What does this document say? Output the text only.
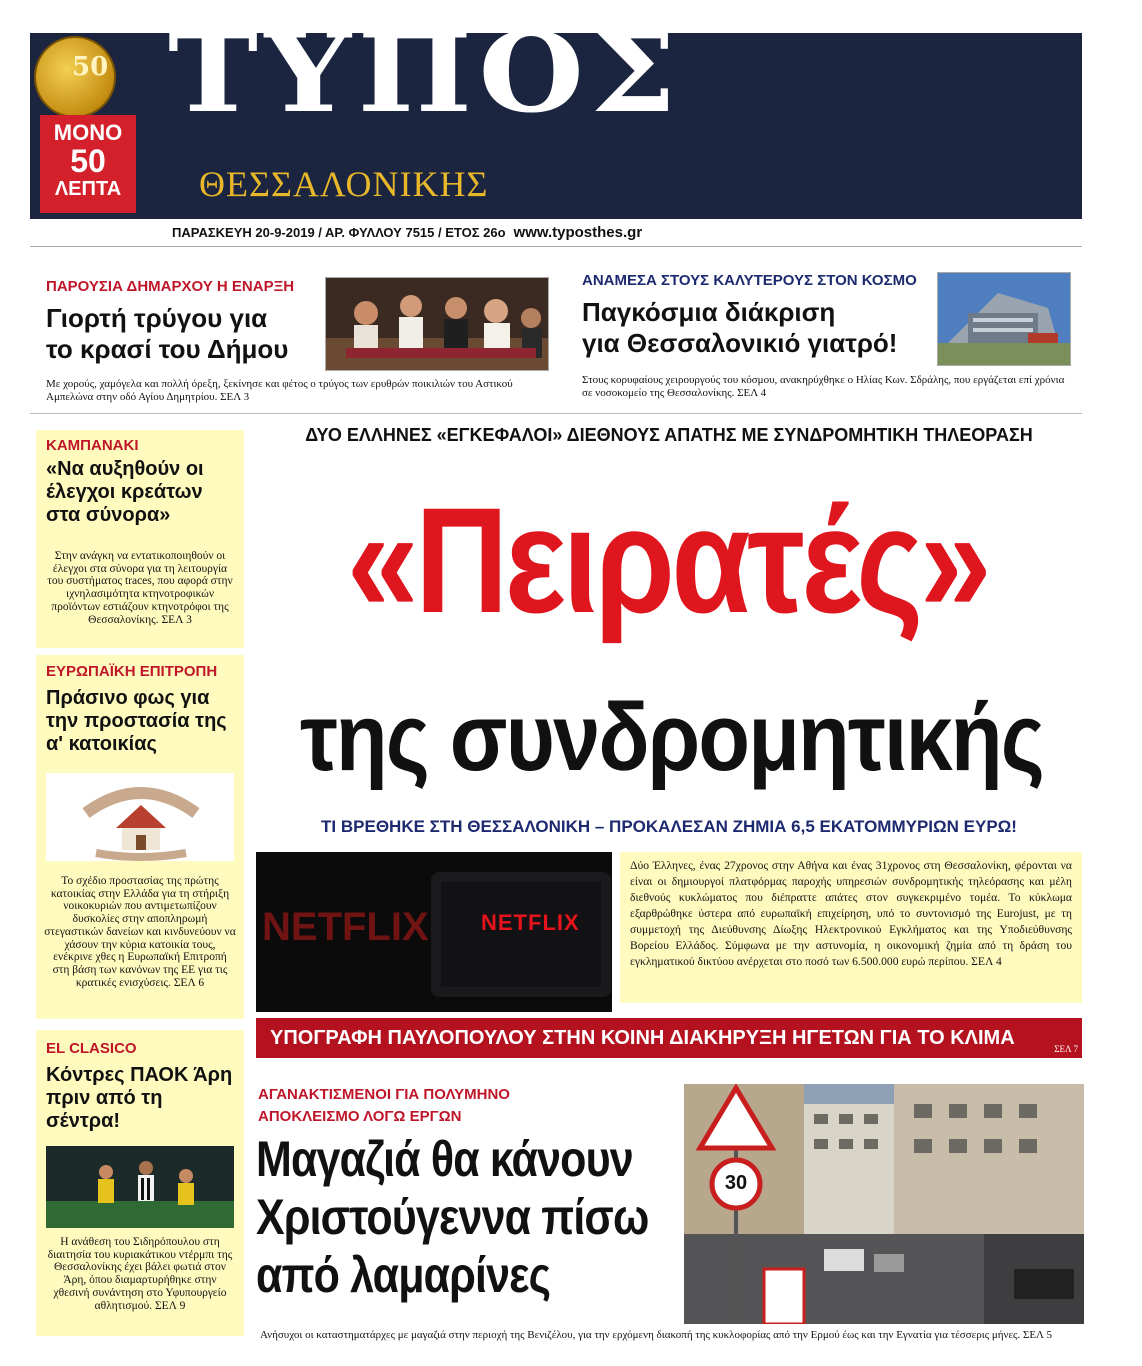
ΤΥΠΟΣ
ΘΕΣΣΑΛΟΝΙΚΗΣ
50
ΜΟΝΟ
50
ΛΕΠΤΑ
ΠΑΡΑΣΚΕΥΗ 20-9-2019 / ΑΡ. ΦΥΛΛΟΥ 7515 / ΕΤΟΣ 26ο www.typosthes.gr
ΠΑΡΟΥΣΙΑ ΔΗΜΑΡΧΟΥ Η ΕΝΑΡΞΗ
Γιορτή τρύγου για
το κρασί του Δήμου
Με χορούς, χαμόγελα και πολλή όρεξη, ξεκίνησε και φέτος ο τρύγος των ερυθρών ποικιλιών του Αστικού Αμπελώνα στην οδό Αγίου Δημητρίου. ΣΕΛ 3
ΑΝΑΜΕΣΑ ΣΤΟΥΣ ΚΑΛΥΤΕΡΟΥΣ ΣΤΟΝ ΚΟΣΜΟ
Παγκόσμια διάκριση
για Θεσσαλονικιό γιατρό!
Στους κορυφαίους χειρουργούς του κόσμου, ανακηρύχθηκε ο Ηλίας Κων. Σδράλης, που εργάζεται επί χρόνια σε νοσοκομείο της Θεσσαλονίκης. ΣΕΛ 4
ΚΑΜΠΑΝΑΚΙ
«Να αυξηθούν οι έλεγχοι κρεάτων στα σύνορα»
Στην ανάγκη να εντατικοποιηθούν οι έλεγχοι στα σύνορα για τη λειτουργία του συστήματος traces, που αφορά στην ιχνηλασιμότητα κτηνοτροφικών προϊόντων εστιάζουν κτηνοτρόφοι της Θεσσαλονίκης. ΣΕΛ 3
ΕΥΡΩΠΑΪΚΗ ΕΠΙΤΡΟΠΗ
Πράσινο φως για την προστασία της α' κατοικίας
Το σχέδιο προστασίας της πρώτης κατοικίας στην Ελλάδα για τη στήριξη νοικοκυριών που αντιμετωπίζουν δυσκολίες στην αποπληρωμή στεγαστικών δανείων και κινδυνεύουν να χάσουν την κύρια κατοικία τους, ενέκρινε χθες η Ευρωπαϊκή Επιτροπή στη βάση των κανόνων της ΕΕ για τις κρατικές ενισχύσεις. ΣΕΛ 6
EL CLASICO
Κόντρες ΠΑΟΚ Άρη πριν από τη σέντρα!
Η ανάθεση του Σιδηρόπουλου στη διαιτησία του κυριακάτικου ντέρμπι της Θεσσαλονίκης έχει βάλει φωτιά στον Άρη, όπου διαμαρτυρήθηκε στην χθεσινή συνάντηση στο Υφυπουργείο αθλητισμού. ΣΕΛ 9
ΔΥΟ ΕΛΛΗΝΕΣ «ΕΓΚΕΦΑΛΟΙ» ΔΙΕΘΝΟΥΣ ΑΠΑΤΗΣ ΜΕ ΣΥΝΔΡΟΜΗΤΙΚΗ ΤΗΛΕΟΡΑΣΗ
«Πειρατές»
της συνδρομητικής
ΤΙ ΒΡΕΘΗΚΕ ΣΤΗ ΘΕΣΣΑΛΟΝΙΚΗ – ΠΡΟΚΑΛΕΣΑΝ ΖΗΜΙΑ 6,5 ΕΚΑΤΟΜΜΥΡΙΩΝ ΕΥΡΩ!
NETFLIX NETFLIX

Δύο Έλληνες, ένας 27χρονος στην Αθήνα και ένας 31χρονος στη Θεσσαλονίκη, φέρονται να είναι οι δημιουργοί πλατφόρμας παροχής υπηρεσιών συνδρομητικής τηλεόρασης και μέλη διεθνούς κυκλώματος που διέπραττε απάτες στον συγκεκριμένο τομέα. Το κύκλωμα εξαρθρώθηκε ύστερα από ευρωπαϊκή επιχείρηση, υπό το συντονισμό της Eurojust, με τη συμμετοχή της Διεύθυνσης Δίωξης Ηλεκτρονικού Εγκλήματος και της Υποδιεύθυνσης Βορείου Ελλάδος. Σύμφωνα με την αστυνομία, η οικονομική ζημία από τη δράση του εγκληματικού δικτύου ανέρχεται στο ποσό των 6.500.000 ευρώ περίπου. ΣΕΛ 4

ΥΠΟΓΡΑΦΗ ΠΑΥΛΟΠΟΥΛΟΥ ΣΤΗΝ ΚΟΙΝΗ ΔΙΑΚΗΡΥΞΗ ΗΓΕΤΩΝ ΓΙΑ ΤΟ ΚΛΙΜΑ	ΣΕΛ 7
ΑΓΑΝΑΚΤΙΣΜΕΝΟΙ ΓΙΑ ΠΟΛΥΜΗΝΟ
ΑΠΟΚΛΕΙΣΜΟ ΛΟΓΩ ΕΡΓΩΝ
Μαγαζιά θα κάνουν
Χριστούγεννα πίσω
από λαμαρίνες
30
Ανήσυχοι οι καταστηματάρχες με μαγαζιά στην περιοχή της Βενιζέλου, για την ερχόμενη διακοπή της κυκλοφορίας από την Ερμού έως και την Εγνατία για τέσσερις μήνες. ΣΕΛ 5
